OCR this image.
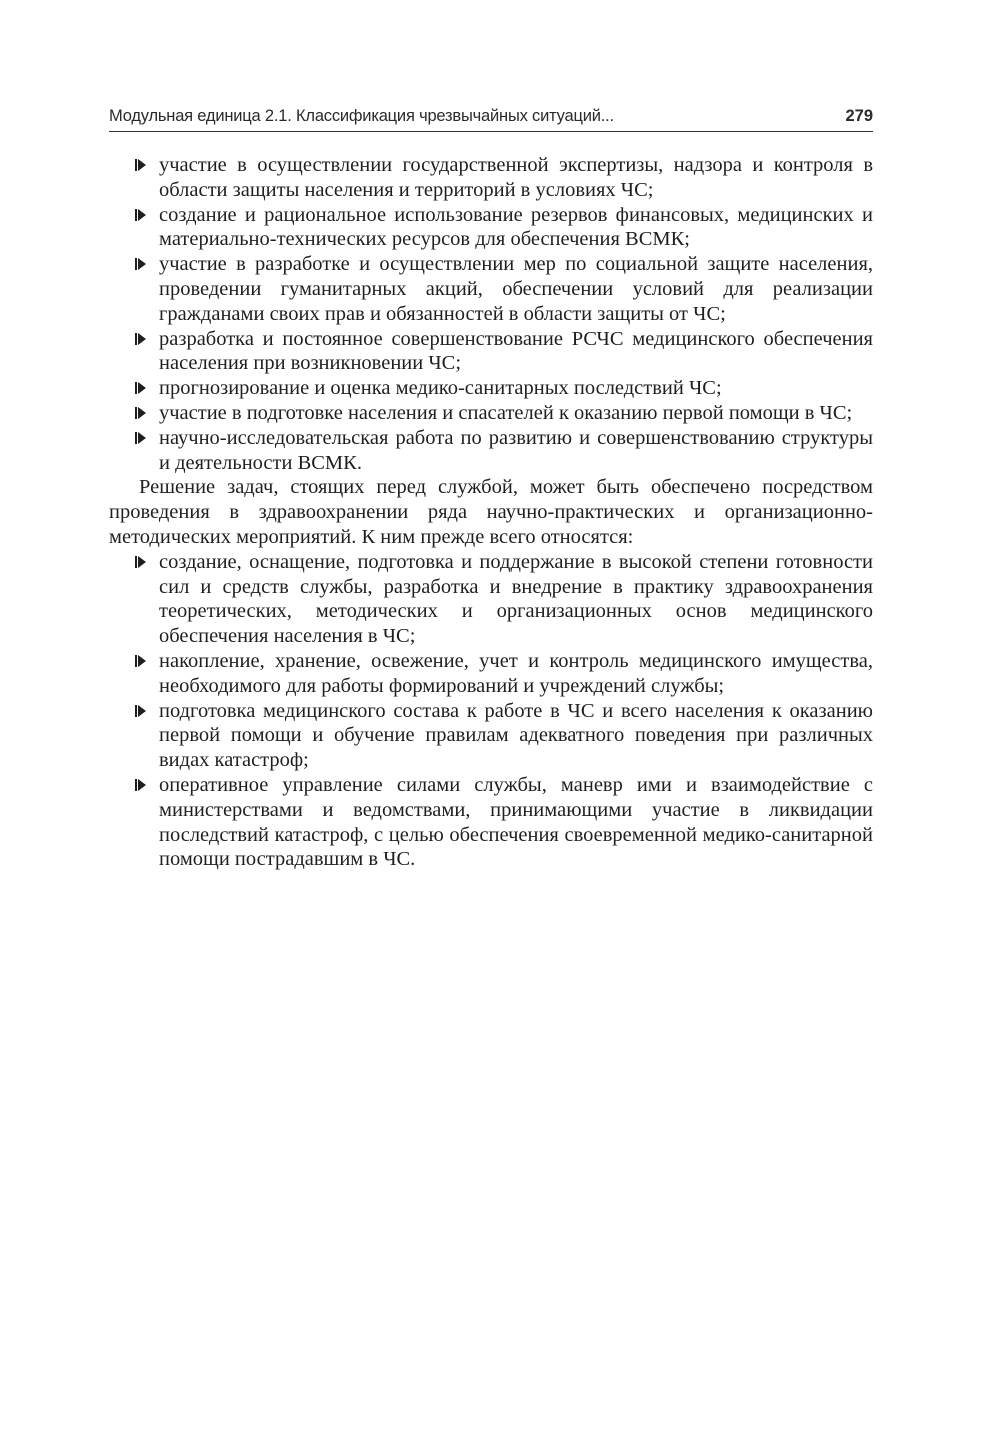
Модульная единица 2.1. Классификация чрезвычайных ситуаций...	279
участие в осуществлении государственной экспертизы, надзора и контроля в области защиты населения и территорий в условиях ЧС;
создание и рациональное использование резервов финансовых, медицинских и материально-технических ресурсов для обеспечения ВСМК;
участие в разработке и осуществлении мер по социальной защите населения, проведении гуманитарных акций, обеспечении условий для реализации гражданами своих прав и обязанностей в области защиты от ЧС;
разработка и постоянное совершенствование РСЧС медицинского обеспечения населения при возникновении ЧС;
прогнозирование и оценка медико-санитарных последствий ЧС;
участие в подготовке населения и спасателей к оказанию первой помощи в ЧС;
научно-исследовательская работа по развитию и совершенствованию структуры и деятельности ВСМК.

Решение задач, стоящих перед службой, может быть обеспечено посредством проведения в здравоохранении ряда научно-практических и организационно-методических мероприятий. К ним прежде всего относятся:

создание, оснащение, подготовка и поддержание в высокой степени готовности сил и средств службы, разработка и внедрение в практику здравоохранения теоретических, методических и организационных основ медицинского обеспечения населения в ЧС;
накопление, хранение, освежение, учет и контроль медицинского имущества, необходимого для работы формирований и учреждений службы;
подготовка медицинского состава к работе в ЧС и всего населения к оказанию первой помощи и обучение правилам адекватного поведения при различных видах катастроф;
оперативное управление силами службы, маневр ими и взаимодействие с министерствами и ведомствами, принимающими участие в ликвидации последствий катастроф, с целью обеспечения своевременной медико-санитарной помощи пострадавшим в ЧС.
